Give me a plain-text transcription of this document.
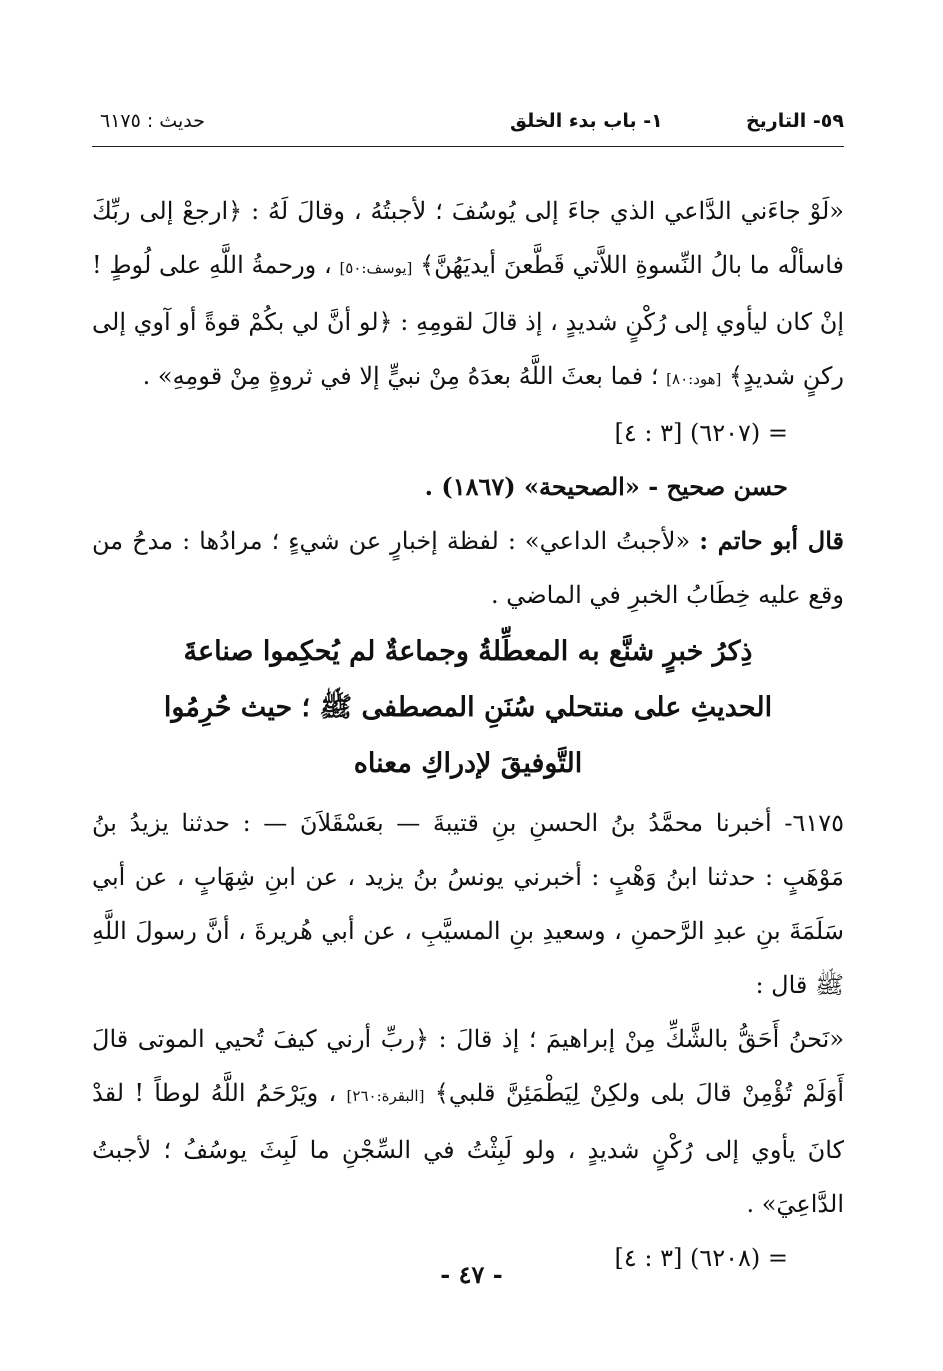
٥٩- التاريخ  ١- باب بدء الخلق
حديث : ٦١٧٥

«لَوْ جاءَني الدَّاعي الذي جاءَ إلى يُوسُفَ ؛ لأجبتُهُ ، وقالَ لَهُ : ﴿ارجعْ إلى ربِّكَ فاسألْه ما بالُ النِّسوةِ اللاَّتي قَطَّعنَ أيديَهُنَّ﴾ [يوسف:٥٠] ، ورحمةُ اللَّهِ على لُوطٍ ! إنْ كان ليأوي إلى رُكْنٍ شديدٍ ، إذ قالَ لقومِهِ : ﴿لو أنَّ لي بكُمْ قوةً أو آوي إلى ركنٍ شديدٍ﴾ [هود:٨٠] ؛ فما بعثَ اللَّهُ بعدَهُ مِنْ نبيٍّ إلا في ثروةٍ مِنْ قومِهِ» .

= (٦٢٠٧) [٣ : ٤]

حسن صحيح - «الصحيحة» (١٨٦٧) .

قال أبو حاتم : «لأجبتُ الداعي» : لفظة إخبارٍ عن شيءٍ ؛ مرادُها : مدحُ من وقع عليه خِطَابُ الخبرِ في الماضي .

ذِكرُ خبرٍ شنَّع به المعطِّلةُ وجماعةٌ لم يُحكِموا صناعةَ
الحديثِ على منتحلي سُنَنِ المصطفى ﷺ ؛ حيث حُرِمُوا
التَّوفيقَ لإدراكِ معناه

٦١٧٥- أخبرنا محمَّدُ بنُ الحسنِ بنِ قتيبةَ — بعَسْقَلاَنَ — : حدثنا يزيدُ بنُ مَوْهَبٍ : حدثنا ابنُ وَهْبٍ : أخبرني يونسُ بنُ يزيد ، عن ابنِ شِهَابٍ ، عن أبي سَلَمَةَ بنِ عبدِ الرَّحمنِ ، وسعيدِ بنِ المسيَّبِ ، عن أبي هُريرةَ ، أنَّ رسولَ اللَّهِ ﷺ قال :

«نَحنُ أَحَقُّ بالشَّكِّ مِنْ إبراهيمَ ؛ إذ قالَ : ﴿ربِّ أرني كيفَ تُحيي الموتى قالَ أَوَلَمْ تُؤْمِنْ قالَ بلى ولكِنْ لِيَطْمَئِنَّ قلبي﴾ [البقرة:٢٦٠] ، ويَرْحَمُ اللَّهُ لوطاً ! لقدْ كانَ يأوي إلى رُكْنٍ شديدٍ ، ولو لَبِثْتُ في السِّجْنِ ما لَبِثَ يوسُفُ ؛ لأجبتُ الدَّاعِيَ» .

= (٦٢٠٨) [٣ : ٤]

- ٤٧ -
